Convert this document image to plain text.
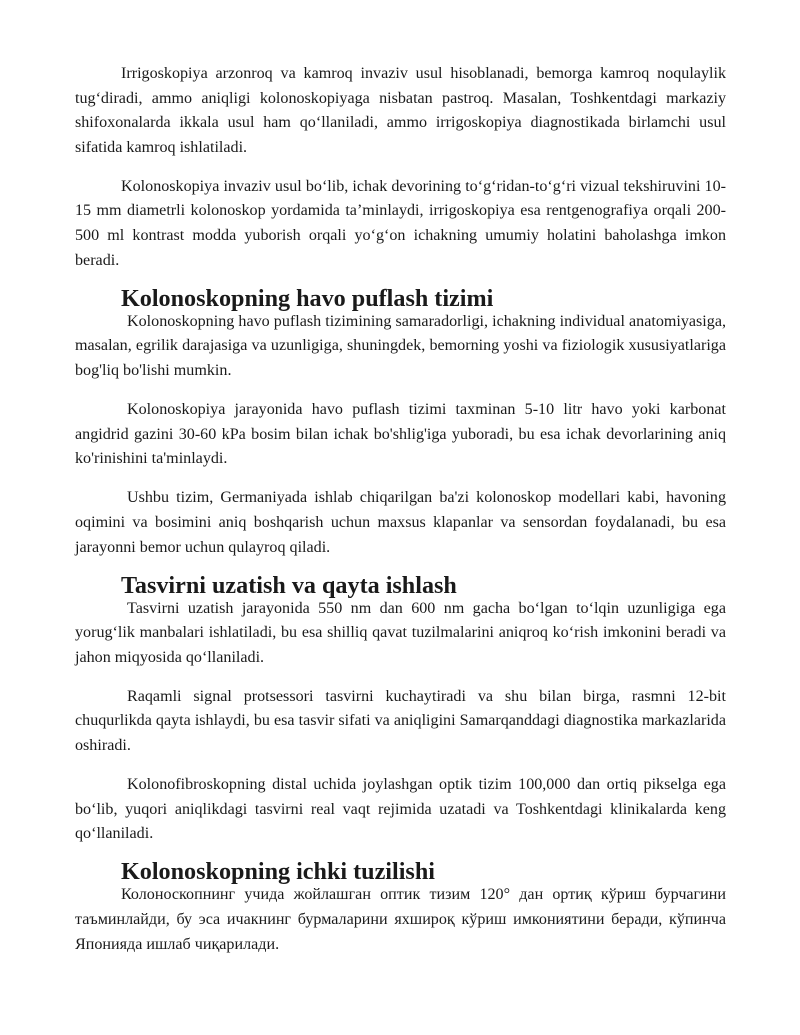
Irrigoskopiya arzonroq va kamroq invaziv usul hisoblanadi, bemorga kamroq noqulaylik tug‘diradi, ammo aniqligi kolonoskopiyaga nisbatan pastroq. Masalan, Toshkentdagi markaziy shifoxonalarda ikkala usul ham qo‘llaniladi, ammo irrigoskopiya diagnostikada birlamchi usul sifatida kamroq ishlatiladi.

Kolonoskopiya invaziv usul bo‘lib, ichak devorining to‘g‘ridan-to‘g‘ri vizual tekshiruvini 10-15 mm diametrli kolonoskop yordamida ta’minlaydi, irrigoskopiya esa rentgenografiya orqali 200-500 ml kontrast modda yuborish orqali yo‘g‘on ichakning umumiy holatini baholashga imkon beradi.

Kolonoskopning havo puflash tizimi

Kolonoskopning havo puflash tizimining samaradorligi, ichakning individual anatomiyasiga, masalan, egrilik darajasiga va uzunligiga, shuningdek, bemorning yoshi va fiziologik xususiyatlariga bog'liq bo'lishi mumkin.

Kolonoskopiya jarayonida havo puflash tizimi taxminan 5-10 litr havo yoki karbonat angidrid gazini 30-60 kPa bosim bilan ichak bo'shlig'iga yuboradi, bu esa ichak devorlarining aniq ko'rinishini ta'minlaydi.

Ushbu tizim, Germaniyada ishlab chiqarilgan ba'zi kolonoskop modellari kabi, havoning oqimini va bosimini aniq boshqarish uchun maxsus klapanlar va sensordan foydalanadi, bu esa jarayonni bemor uchun qulayroq qiladi.

Tasvirni uzatish va qayta ishlash

Tasvirni uzatish jarayonida 550 nm dan 600 nm gacha bo‘lgan to‘lqin uzunligiga ega yorug‘lik manbalari ishlatiladi, bu esa shilliq qavat tuzilmalarini aniqroq ko‘rish imkonini beradi va jahon miqyosida qo‘llaniladi.

Raqamli signal protsessori tasvirni kuchaytiradi va shu bilan birga, rasmni 12-bit chuqurlikda qayta ishlaydi, bu esa tasvir sifati va aniqligini Samarqanddagi diagnostika markazlarida oshiradi.

Kolonofibroskopning distal uchida joylashgan optik tizim 100,000 dan ortiq pikselga ega bo‘lib, yuqori aniqlikdagi tasvirni real vaqt rejimida uzatadi va Toshkentdagi klinikalarda keng qo‘llaniladi.

Kolonoskopning ichki tuzilishi

Колоноскопнинг учида жойлашган оптик тизим 120° дан ортиқ кўриш бурчагини таъминлайди, бу эса ичакнинг бурмаларини яхшироқ кўриш имкониятини беради, кўпинча Японияда ишлаб чиқарилади.
